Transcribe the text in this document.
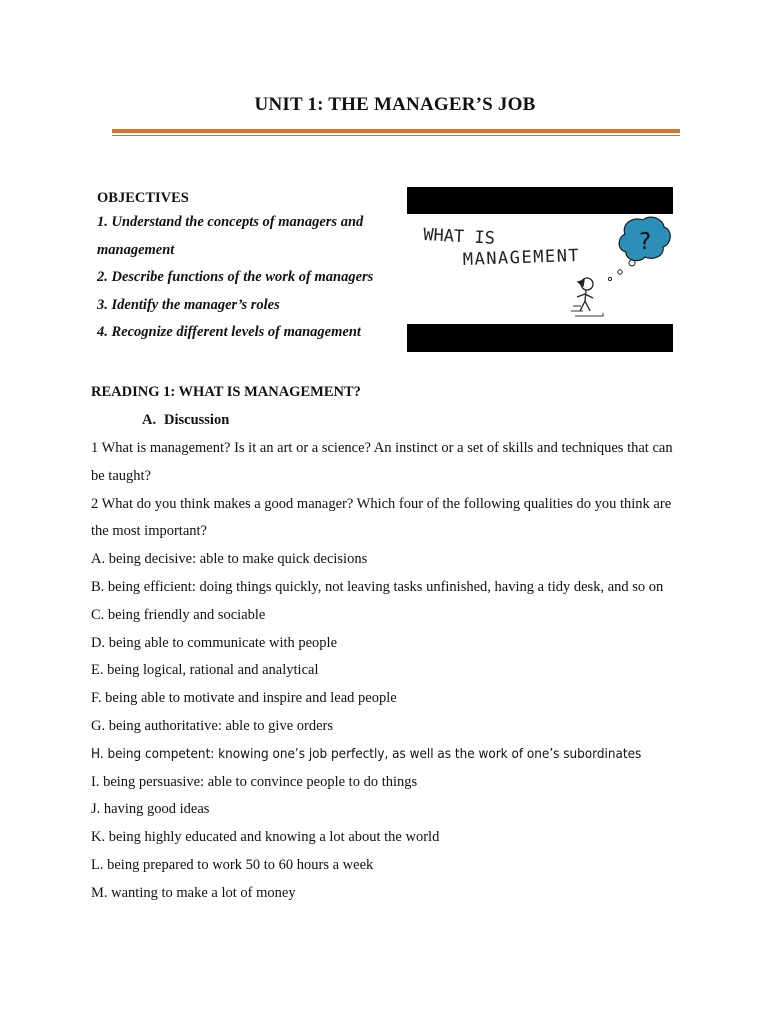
UNIT 1: THE MANAGER’S JOB
OBJECTIVES
1. Understand the concepts of managers and
management
2. Describe functions of the work of managers
3. Identify the manager’s roles
4. Recognize different levels of management
WHAT IS
MANAGEMENT
?
READING 1: WHAT IS MANAGEMENT?
A. Discussion

1 What is management? Is it an art or a science? An instinct or a set of skills and techniques that can be taught?

2 What do you think makes a good manager? Which four of the following qualities do you think are the most important?

A. being decisive: able to make quick decisions

B. being efficient: doing things quickly, not leaving tasks unfinished, having a tidy desk, and so on

C. being friendly and sociable

D. being able to communicate with people

E. being logical, rational and analytical

F. being able to motivate and inspire and lead people

G. being authoritative: able to give orders

H. being competent: knowing one’s job perfectly, as well as the work of one’s subordinates

I. being persuasive: able to convince people to do things

J. having good ideas

K. being highly educated and knowing a lot about the world

L. being prepared to work 50 to 60 hours a week

M. wanting to make a lot of money
